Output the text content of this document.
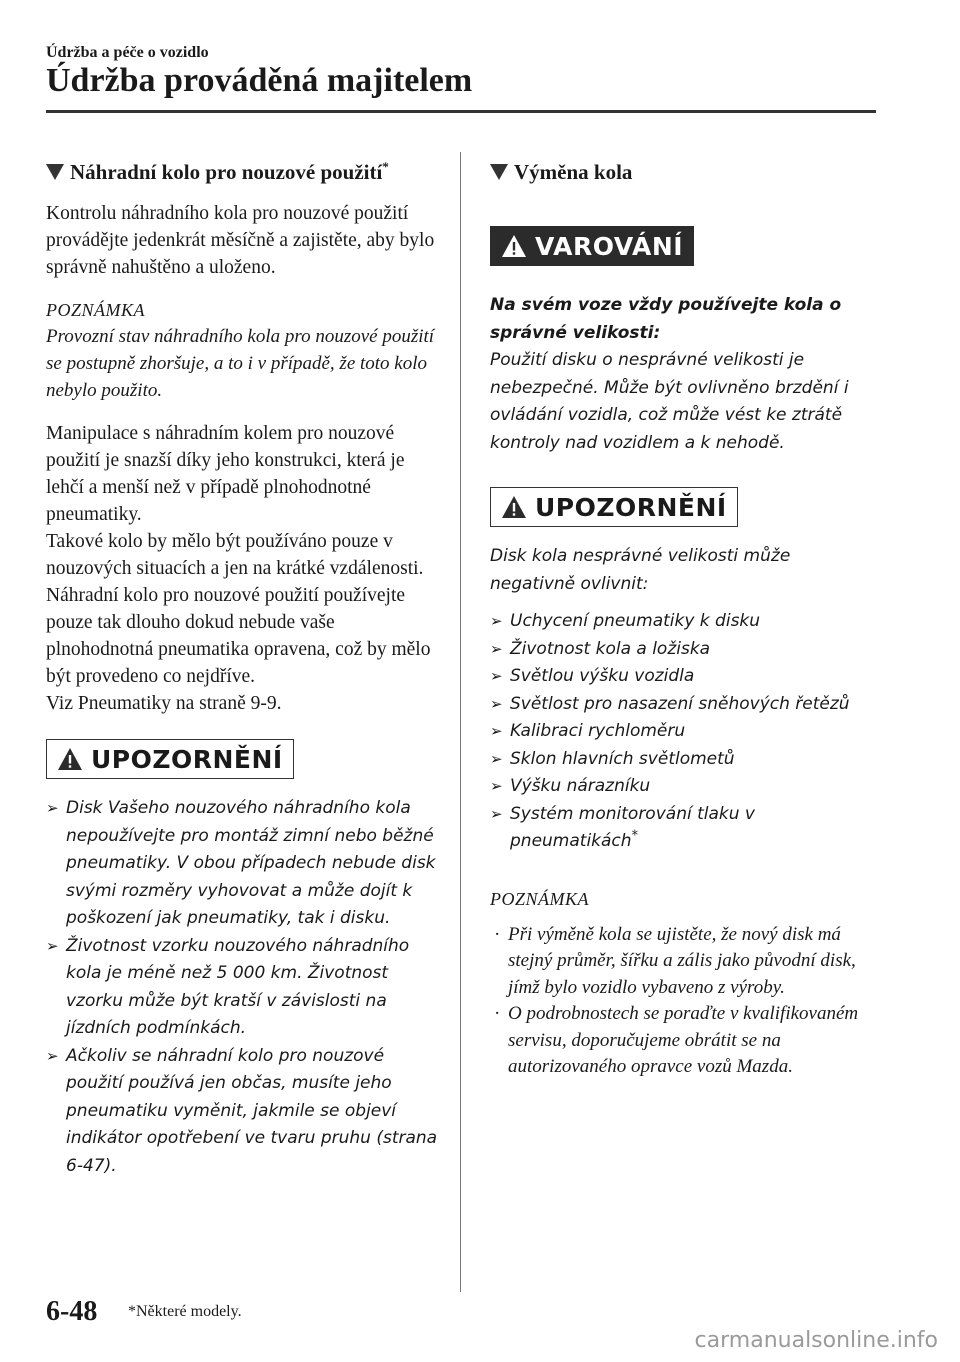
Údržba a péče o vozidlo
Údržba prováděná majitelem
Náhradní kolo pro nouzové použití*

Kontrolu náhradního kola pro nouzové použití provádějte jedenkrát měsíčně a zajistěte, aby bylo správně nahuštěno a uloženo.

POZNÁMKA

Provozní stav náhradního kola pro nouzové použití se postupně zhoršuje, a to i v případě, že toto kolo nebylo použito.

Manipulace s náhradním kolem pro nouzové použití je snazší díky jeho konstrukci, která je lehčí a menší než v případě plnohodnotné pneumatiky.

Takové kolo by mělo být používáno pouze v nouzových situacích a jen na krátké vzdálenosti.

Náhradní kolo pro nouzové použití používejte pouze tak dlouho dokud nebude vaše plnohodnotná pneumatika opravena, což by mělo být provedeno co nejdříve.

Viz Pneumatiky na straně 9-9.

UPOZORNĚNÍ
➢ Disk Vašeho nouzového náhradního kola nepoužívejte pro montáž zimní nebo běžné pneumatiky. V obou případech nebude disk svými rozměry vyhovovat a může dojít k poškození jak pneumatiky, tak i disku.
➢ Životnost vzorku nouzového náhradního kola je méně než 5 000 km. Životnost vzorku může být kratší v závislosti na jízdních podmínkách.
➢ Ačkoliv se náhradní kolo pro nouzové použití používá jen občas, musíte jeho pneumatiku vyměnit, jakmile se objeví indikátor opotřebení ve tvaru pruhu (strana 6-47).
Výměna kola
VAROVÁNÍ

Na svém voze vždy používejte kola o správné velikosti:

Použití disku o nesprávné velikosti je nebezpečné. Může být ovlivněno brzdění i ovládání vozidla, což může vést ke ztrátě kontroly nad vozidlem a k nehodě.

UPOZORNĚNÍ

Disk kola nesprávné velikosti může negativně ovlivnit:

➢ Uchycení pneumatiky k disku
➢ Životnost kola a ložiska
➢ Světlou výšku vozidla
➢ Světlost pro nasazení sněhových řetězů
➢ Kalibraci rychloměru
➢ Sklon hlavních světlometů
➢ Výšku nárazníku
➢ Systém monitorování tlaku v pneumatikách*

POZNÁMKA

· Při výměně kola se ujistěte, že nový disk má stejný průměr, šířku a zális jako původní disk, jímž bylo vozidlo vybaveno z výroby.
· O podrobnostech se poraďte v kvalifikovaném servisu, doporučujeme obrátit se na autorizovaného opravce vozů Mazda.
6-48 *Některé modely.
carmanualsonline.info
